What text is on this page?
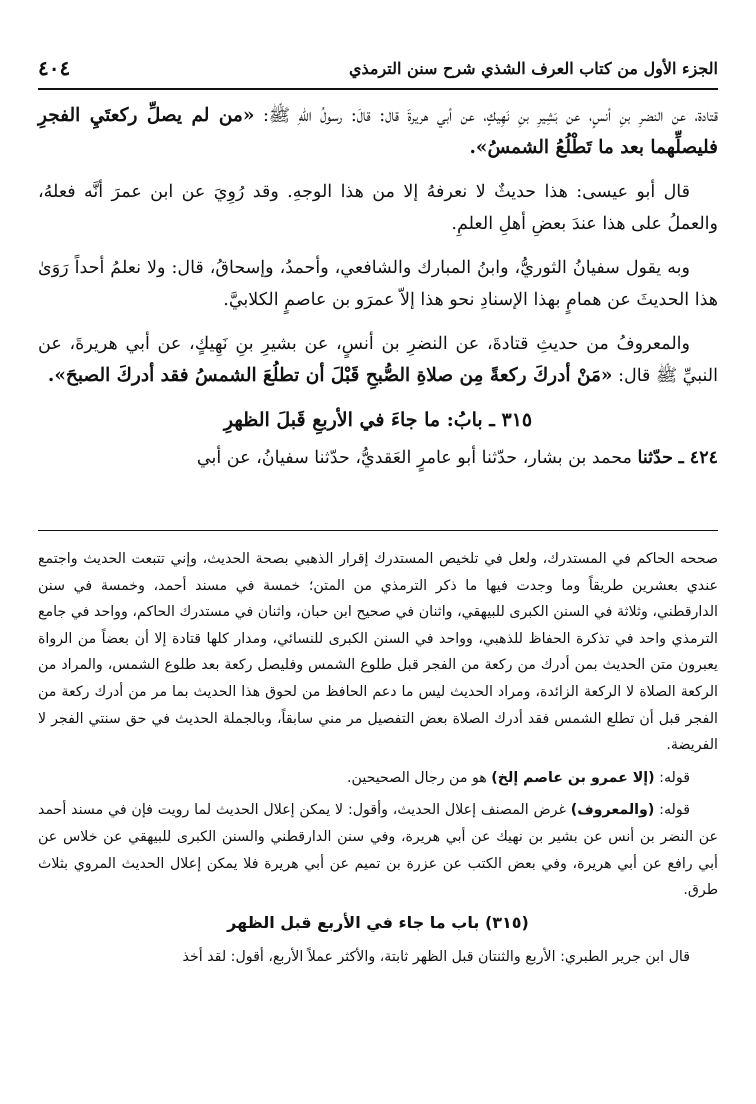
الجزء الأول من كتاب العرف الشذي شرح سنن الترمذي
٤٠٤

قتادة، عن النضرِ بنِ أنسٍ، عن بَشِيرِ بنِ نَهِيكٍ، عن أبي هريرةَ قال: قالَ: رسولُ اللهِ ﷺ: «من لم يصلِّ ركعتَيِ الفجرِ فليصلِّهما بعد ما تَطْلُعُ الشمسُ».

قال أبو عيسى: هذا حديثٌ لا نعرفهُ إلا من هذا الوجهِ. وقد رُوِيَ عن ابن عمرَ أنَّه فعلهُ، والعملُ على هذا عندَ بعضِ أهلِ العلمِ.

وبه يقول سفيانُ الثوريُّ، وابنُ المبارك والشافعي، وأحمدُ، وإسحاقُ، قال: ولا نعلمُ أحداً رَوَىٰ هذا الحديثَ عن همامٍ بهذا الإسنادِ نحو هذا إلاّ عمرَو بن عاصمٍ الكلابيَّ.

والمعروفُ من حديثِ قتادةَ، عن النضرِ بن أنسٍ، عن بشيرِ بنِ نَهِيكٍ، عن أبي هريرةَ، عن النبيِّ ﷺ قال: «مَنْ أدركَ ركعةً مِن صلاةِ الصُّبحِ قَبْلَ أن تطلُعَ الشمسُ فقد أدركَ الصبحَ».

٣١٥ ـ بابُ: ما جاءَ في الأربعِ قَبلَ الظهرِ

٤٢٤ ـ حدّثنا محمد بن بشار، حدّثنا أبو عامرٍ العَقديُّ، حدّثنا سفيانُ، عن أبي

صححه الحاكم في المستدرك، ولعل في تلخيص المستدرك إقرار الذهبي بصحة الحديث، وإني تتبعت الحديث واجتمع عندي بعشرين طريقاً وما وجدت فيها ما ذكر الترمذي من المتن؛ خمسة في مسند أحمد، وخمسة في سنن الدارقطني، وثلاثة في السنن الكبرى للبيهقي، واثنان في صحيح ابن حبان، واثنان في مستدرك الحاكم، وواحد في جامع الترمذي واحد في تذكرة الحفاظ للذهبي، وواحد في السنن الكبرى للنسائي، ومدار كلها قتادة إلا أن بعضاً من الرواة يعبرون متن الحديث بمن أدرك من ركعة من الفجر قبل طلوع الشمس وفليصل ركعة بعد طلوع الشمس، والمراد من الركعة الصلاة لا الركعة الزائدة، ومراد الحديث ليس ما دعم الحافظ من لحوق هذا الحديث بما مر من أدرك ركعة من الفجر قبل أن تطلع الشمس فقد أدرك الصلاة بعض التفصيل مر مني سابقاً، وبالجملة الحديث في حق سنتي الفجر لا الفريضة.

قوله: (إلا عمرو بن عاصم إلخ) هو من رجال الصحيحين.

قوله: (والمعروف) غرض المصنف إعلال الحديث، وأقول: لا يمكن إعلال الحديث لما رويت فإن في مسند أحمد عن النضر بن أنس عن بشير بن نهيك عن أبي هريرة، وفي سنن الدارقطني والسنن الكبرى للبيهقي عن خلاس عن أبي رافع عن أبي هريرة، وفي بعض الكتب عن عزرة بن تميم عن أبي هريرة فلا يمكن إعلال الحديث المروي بثلاث طرق.

(٣١٥) باب ما جاء في الأربع قبل الظهر

قال ابن جرير الطبري: الأربع والثنتان قبل الظهر ثابتة، والأكثر عملاً الأربع، أقول: لقد أخذ
